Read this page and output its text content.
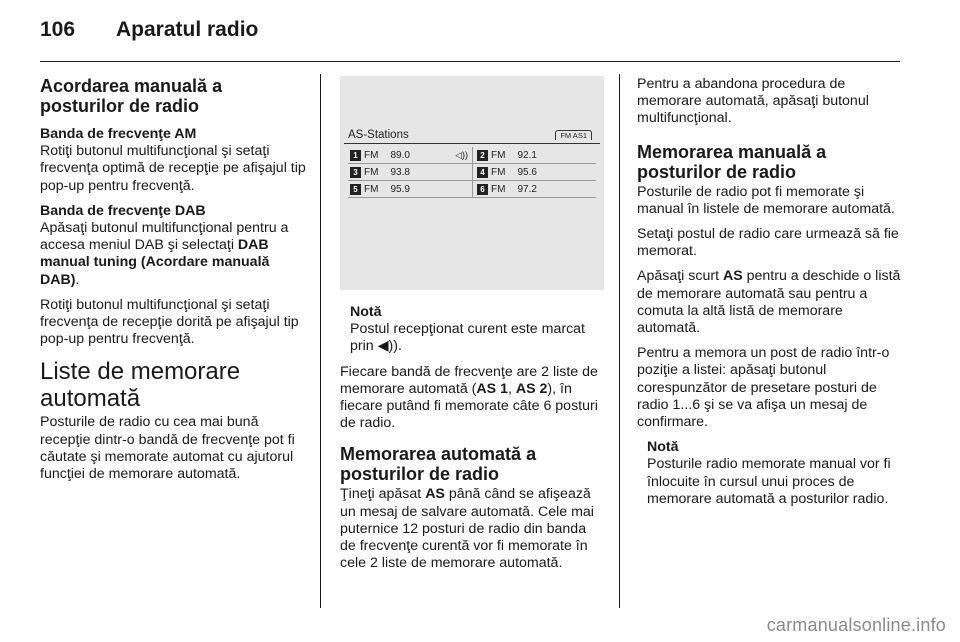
106	Aparatul radio
Acordarea manuală a posturilor de radio
Banda de frecvenţe AM

Rotiţi butonul multifuncţional şi setaţi frecvenţa optimă de recepţie pe afişajul tip pop-up pentru frecvenţă.

Banda de frecvenţe DAB

Apăsaţi butonul multifuncţional pentru a accesa meniul DAB şi selectaţi DAB manual tuning (Acordare manuală DAB).

Rotiţi butonul multifuncţional şi setaţi frecvenţa de recepţie dorită pe afişajul tip pop-up pentru frecvenţă.

Liste de memorare automată

Posturile de radio cu cea mai bună recepţie dintr-o bandă de frecvenţe pot fi căutate şi memorate automat cu ajutorul funcţiei de memorare automată.

AS-Stations	FM AS1
1 FM 89.0	◁))	2 FM 92.1
3 FM 93.8	4 FM 95.6
5 FM 95.9	6 FM 97.2
Notă

Postul recepţionat curent este marcat prin ◀)).

Fiecare bandă de frecvenţe are 2 liste de memorare automată (AS 1, AS 2), în fiecare putând fi memorate câte 6 posturi de radio.

Memorarea automată a posturilor de radio

Ţineţi apăsat AS până când se afişează un mesaj de salvare automată. Cele mai puternice 12 posturi de radio din banda de frecvenţe curentă vor fi memorate în cele 2 liste de memorare automată.

Pentru a abandona procedura de memorare automată, apăsaţi butonul multifuncţional.

Memorarea manuală a posturilor de radio

Posturile de radio pot fi memorate şi manual în listele de memorare automată.

Setaţi postul de radio care urmează să fie memorat.

Apăsaţi scurt AS pentru a deschide o listă de memorare automată sau pentru a comuta la altă listă de memorare automată.

Pentru a memora un post de radio într-o poziţie a listei: apăsaţi butonul corespunzător de presetare posturi de radio 1...6 şi se va afişa un mesaj de confirmare.

Notă

Posturile radio memorate manual vor fi înlocuite în cursul unui proces de memorare automată a posturilor radio.

carmanualsonline.info
